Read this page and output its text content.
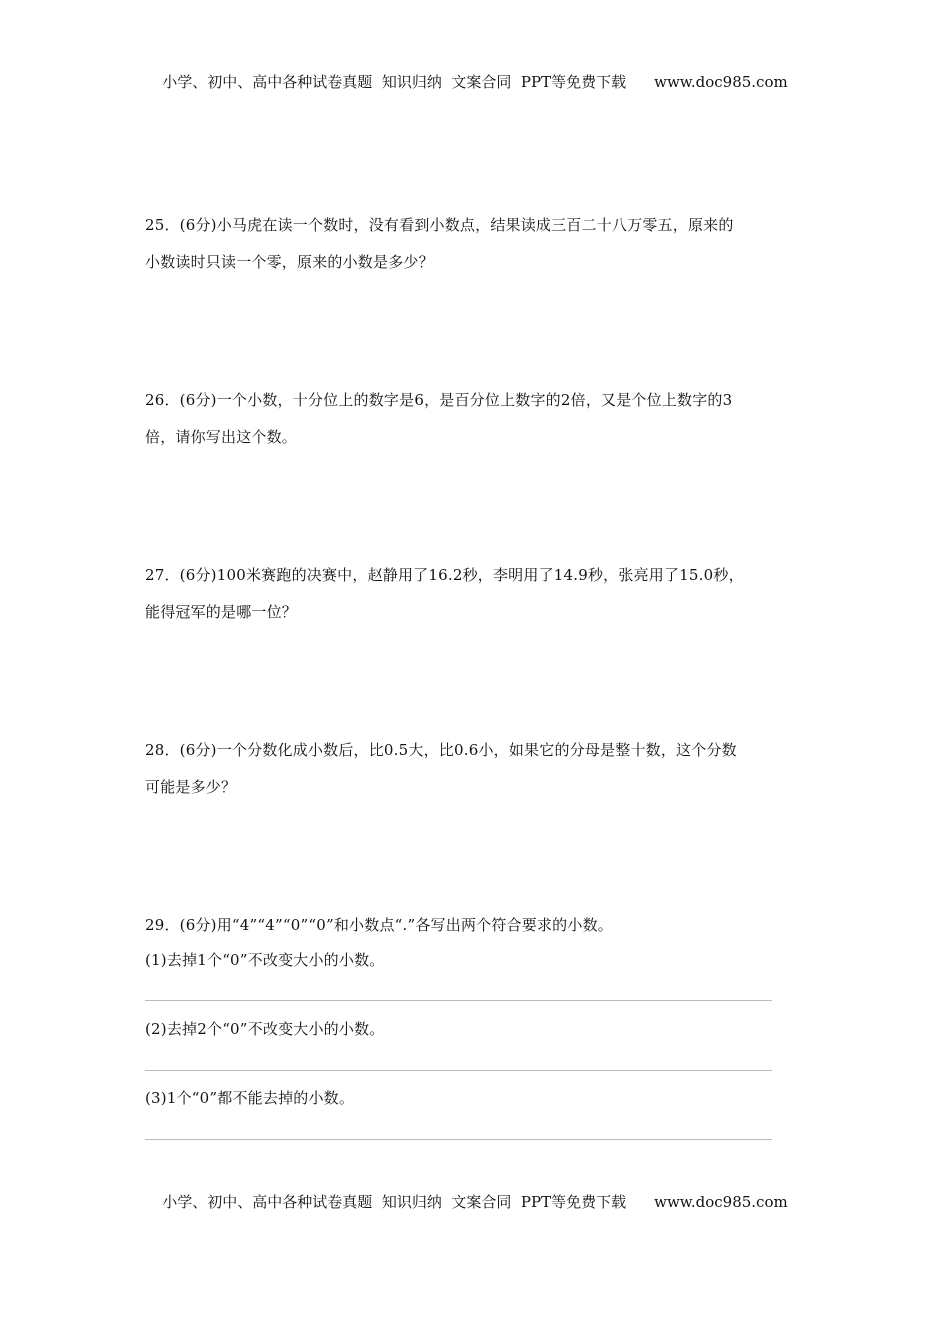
小学、初中、高中各种试卷真题  知识归纳  文案合同  PPT等免费下载 www.doc985.com
25．(6分)小马虎在读一个数时，没有看到小数点，结果读成三百二十八万零五，原来的
小数读时只读一个零，原来的小数是多少？
26．(6分)一个小数，十分位上的数字是6，是百分位上数字的2倍，又是个位上数字的3
倍，请你写出这个数。
27．(6分)100米赛跑的决赛中，赵静用了16.2秒，李明用了14.9秒，张亮用了15.0秒，
能得冠军的是哪一位？
28．(6分)一个分数化成小数后，比0.5大，比0.6小，如果它的分母是整十数，这个分数
可能是多少？
29．(6分)用“4”“4”“0”“0”和小数点“.”各写出两个符合要求的小数。
(1)去掉1个“0”不改变大小的小数。
(2)去掉2个“0”不改变大小的小数。
(3)1个“0”都不能去掉的小数。
小学、初中、高中各种试卷真题  知识归纳  文案合同  PPT等免费下载 www.doc985.com
